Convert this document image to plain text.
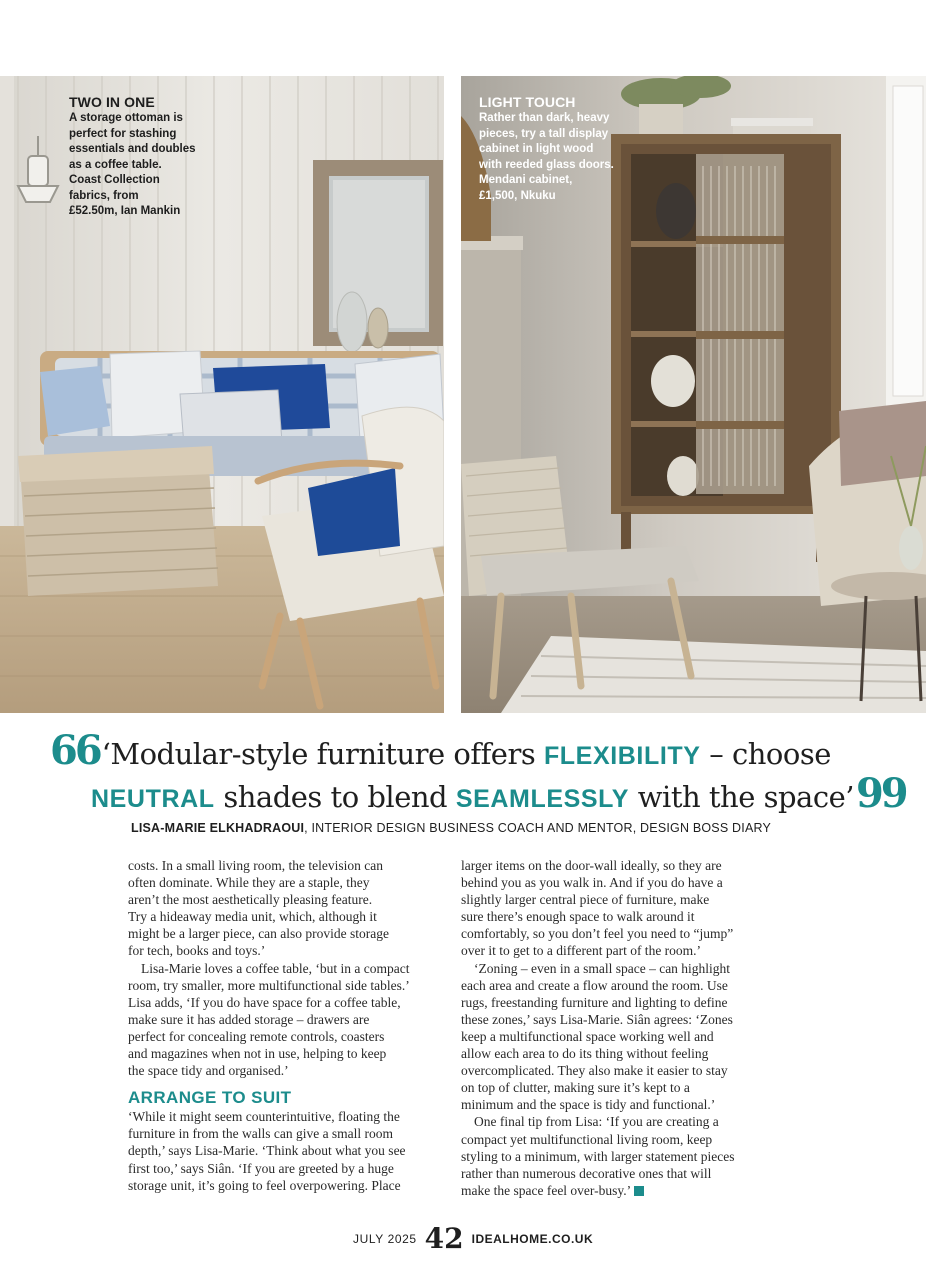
TWO IN ONE
A storage ottoman is
perfect for stashing
essentials and doubles
as a coffee table.
Coast Collection
fabrics, from
£52.50m, Ian Mankin
LIGHT TOUCH
Rather than dark, heavy
pieces, try a tall display
cabinet in light wood
with reeded glass doors.
Mendani cabinet,
£1,500, Nkuku
66‘Modular-style furniture offers FLEXIBILITY – choose
NEUTRAL shades to blend SEAMLESSLY with the space’99
LISA-MARIE ELKHADRAOUI, INTERIOR DESIGN BUSINESS COACH AND MENTOR, DESIGN BOSS DIARY

costs. In a small living room, the television can
often dominate. While they are a staple, they
aren’t the most aesthetically pleasing feature.
Try a hideaway media unit, which, although it
might be a larger piece, can also provide storage
for tech, books and toys.’

Lisa-Marie loves a coffee table, ‘but in a compact
room, try smaller, more multifunctional side tables.’
Lisa adds, ‘If you do have space for a coffee table,
make sure it has added storage – drawers are
perfect for concealing remote controls, coasters
and magazines when not in use, helping to keep
the space tidy and organised.’

ARRANGE TO SUIT

‘While it might seem counterintuitive, floating the
furniture in from the walls can give a small room
depth,’ says Lisa-Marie. ‘Think about what you see
first too,’ says Siân. ‘If you are greeted by a huge
storage unit, it’s going to feel overpowering. Place

larger items on the door-wall ideally, so they are
behind you as you walk in. And if you do have a
slightly larger central piece of furniture, make
sure there’s enough space to walk around it
comfortably, so you don’t feel you need to “jump”
over it to get to a different part of the room.’

‘Zoning – even in a small space – can highlight
each area and create a flow around the room. Use
rugs, freestanding furniture and lighting to define
these zones,’ says Lisa-Marie. Siân agrees: ‘Zones
keep a multifunctional space working well and
allow each area to do its thing without feeling
overcomplicated. They also make it easier to stay
on top of clutter, making sure it’s kept to a
minimum and the space is tidy and functional.’

One final tip from Lisa: ‘If you are creating a
compact yet multifunctional living room, keep
styling to a minimum, with larger statement pieces
rather than numerous decorative ones that will
make the space feel over-busy.’

JULY 2025 42 IDEALHOME.CO.UK
